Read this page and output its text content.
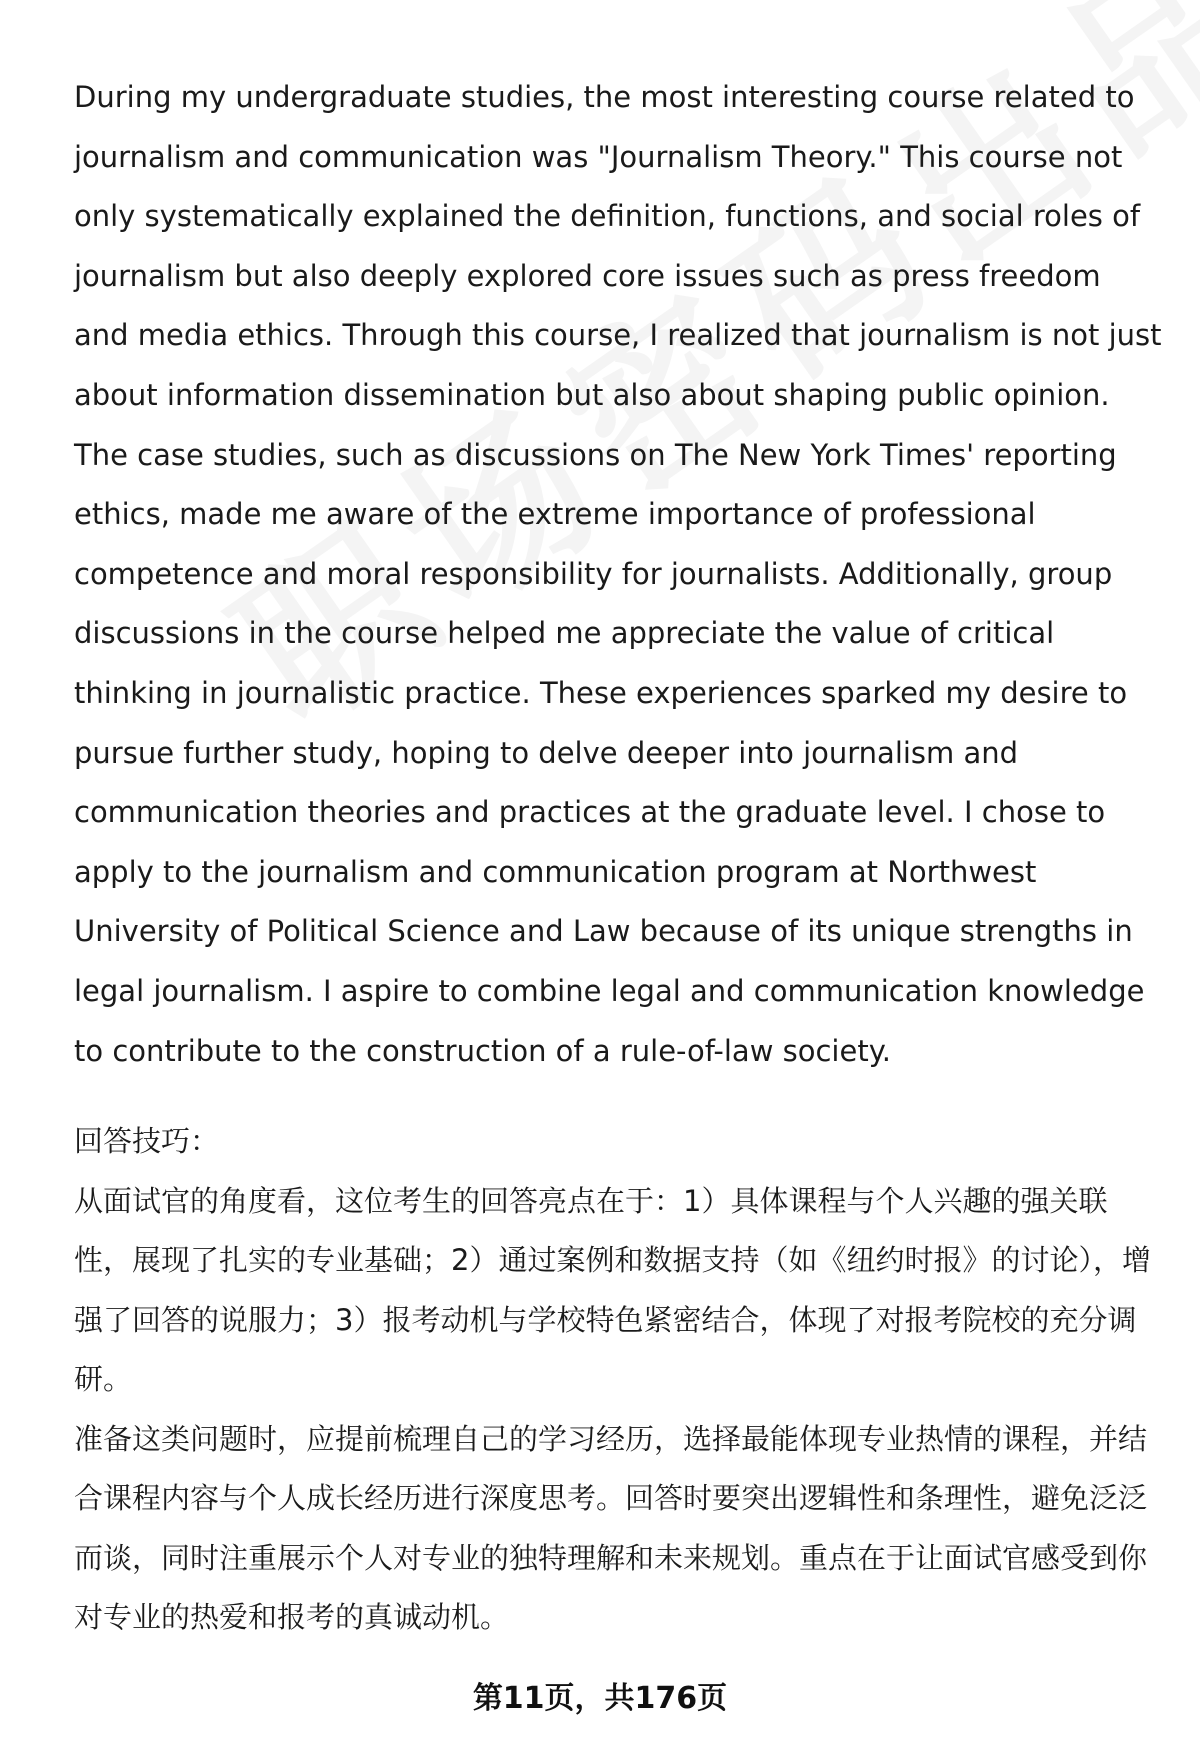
During my undergraduate studies, the most interesting course related to journalism and communication was "Journalism Theory." This course not only systematically explained the definition, functions, and social roles of journalism but also deeply explored core issues such as press freedom and media ethics. Through this course, I realized that journalism is not just about information dissemination but also about shaping public opinion. The case studies, such as discussions on The New York Times' reporting ethics, made me aware of the extreme importance of professional competence and moral responsibility for journalists. Additionally, group discussions in the course helped me appreciate the value of critical thinking in journalistic practice. These experiences sparked my desire to pursue further study, hoping to delve deeper into journalism and communication theories and practices at the graduate level. I chose to apply to the journalism and communication program at Northwest University of Political Science and Law because of its unique strengths in legal journalism. I aspire to combine legal and communication knowledge to contribute to the construction of a rule-of-law society.

回答技巧：

从面试官的角度看，这位考生的回答亮点在于：1）具体课程与个人兴趣的强关联性，展现了扎实的专业基础；2）通过案例和数据支持（如《纽约时报》的讨论），增强了回答的说服力；3）报考动机与学校特色紧密结合，体现了对报考院校的充分调研。

准备这类问题时，应提前梳理自己的学习经历，选择最能体现专业热情的课程，并结合课程内容与个人成长经历进行深度思考。回答时要突出逻辑性和条理性，避免泛泛而谈，同时注重展示个人对专业的独特理解和未来规划。重点在于让面试官感受到你对专业的热爱和报考的真诚动机。

第11页，共176页
